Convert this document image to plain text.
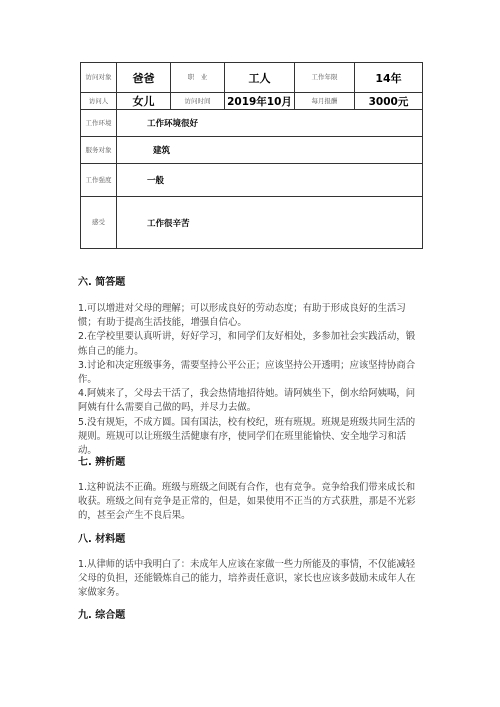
访问对象	爸爸	职　业	工人	工作年限	14年
访问人	女儿	访问时间	2019年10月	每月报酬	3000元
工作环境	工作环境很好				
服务对象	建筑				
工作强度	一般				
感受	工作很辛苦				
六. 简答题

1.可以增进对父母的理解；可以形成良好的劳动态度；有助于形成良好的生活习惯；有助于提高生活技能，增强自信心。

2.在学校里要认真听讲，好好学习，和同学们友好相处，多参加社会实践活动，锻炼自己的能力。

3.讨论和决定班级事务，需要坚持公平公正；应该坚持公开透明；应该坚持协商合作。

4.阿姨来了，父母去干活了，我会热情地招待她。请阿姨坐下，倒水给阿姨喝，问阿姨有什么需要自己做的吗，并尽力去做。

5.没有规矩，不成方圆。国有国法，校有校纪，班有班规。班规是班级共同生活的规则。班规可以让班级生活健康有序，使同学们在班里能愉快、安全地学习和活动。

七. 辨析题

1.这种说法不正确。班级与班级之间既有合作，也有竞争。竞争给我们带来成长和收获。班级之间有竞争是正常的，但是，如果使用不正当的方式获胜，那是不光彩的，甚至会产生不良后果。

八. 材料题

1.从律师的话中我明白了：未成年人应该在家做一些力所能及的事情，不仅能减轻父母的负担，还能锻炼自己的能力，培养责任意识，家长也应该多鼓励未成年人在家做家务。

九. 综合题
